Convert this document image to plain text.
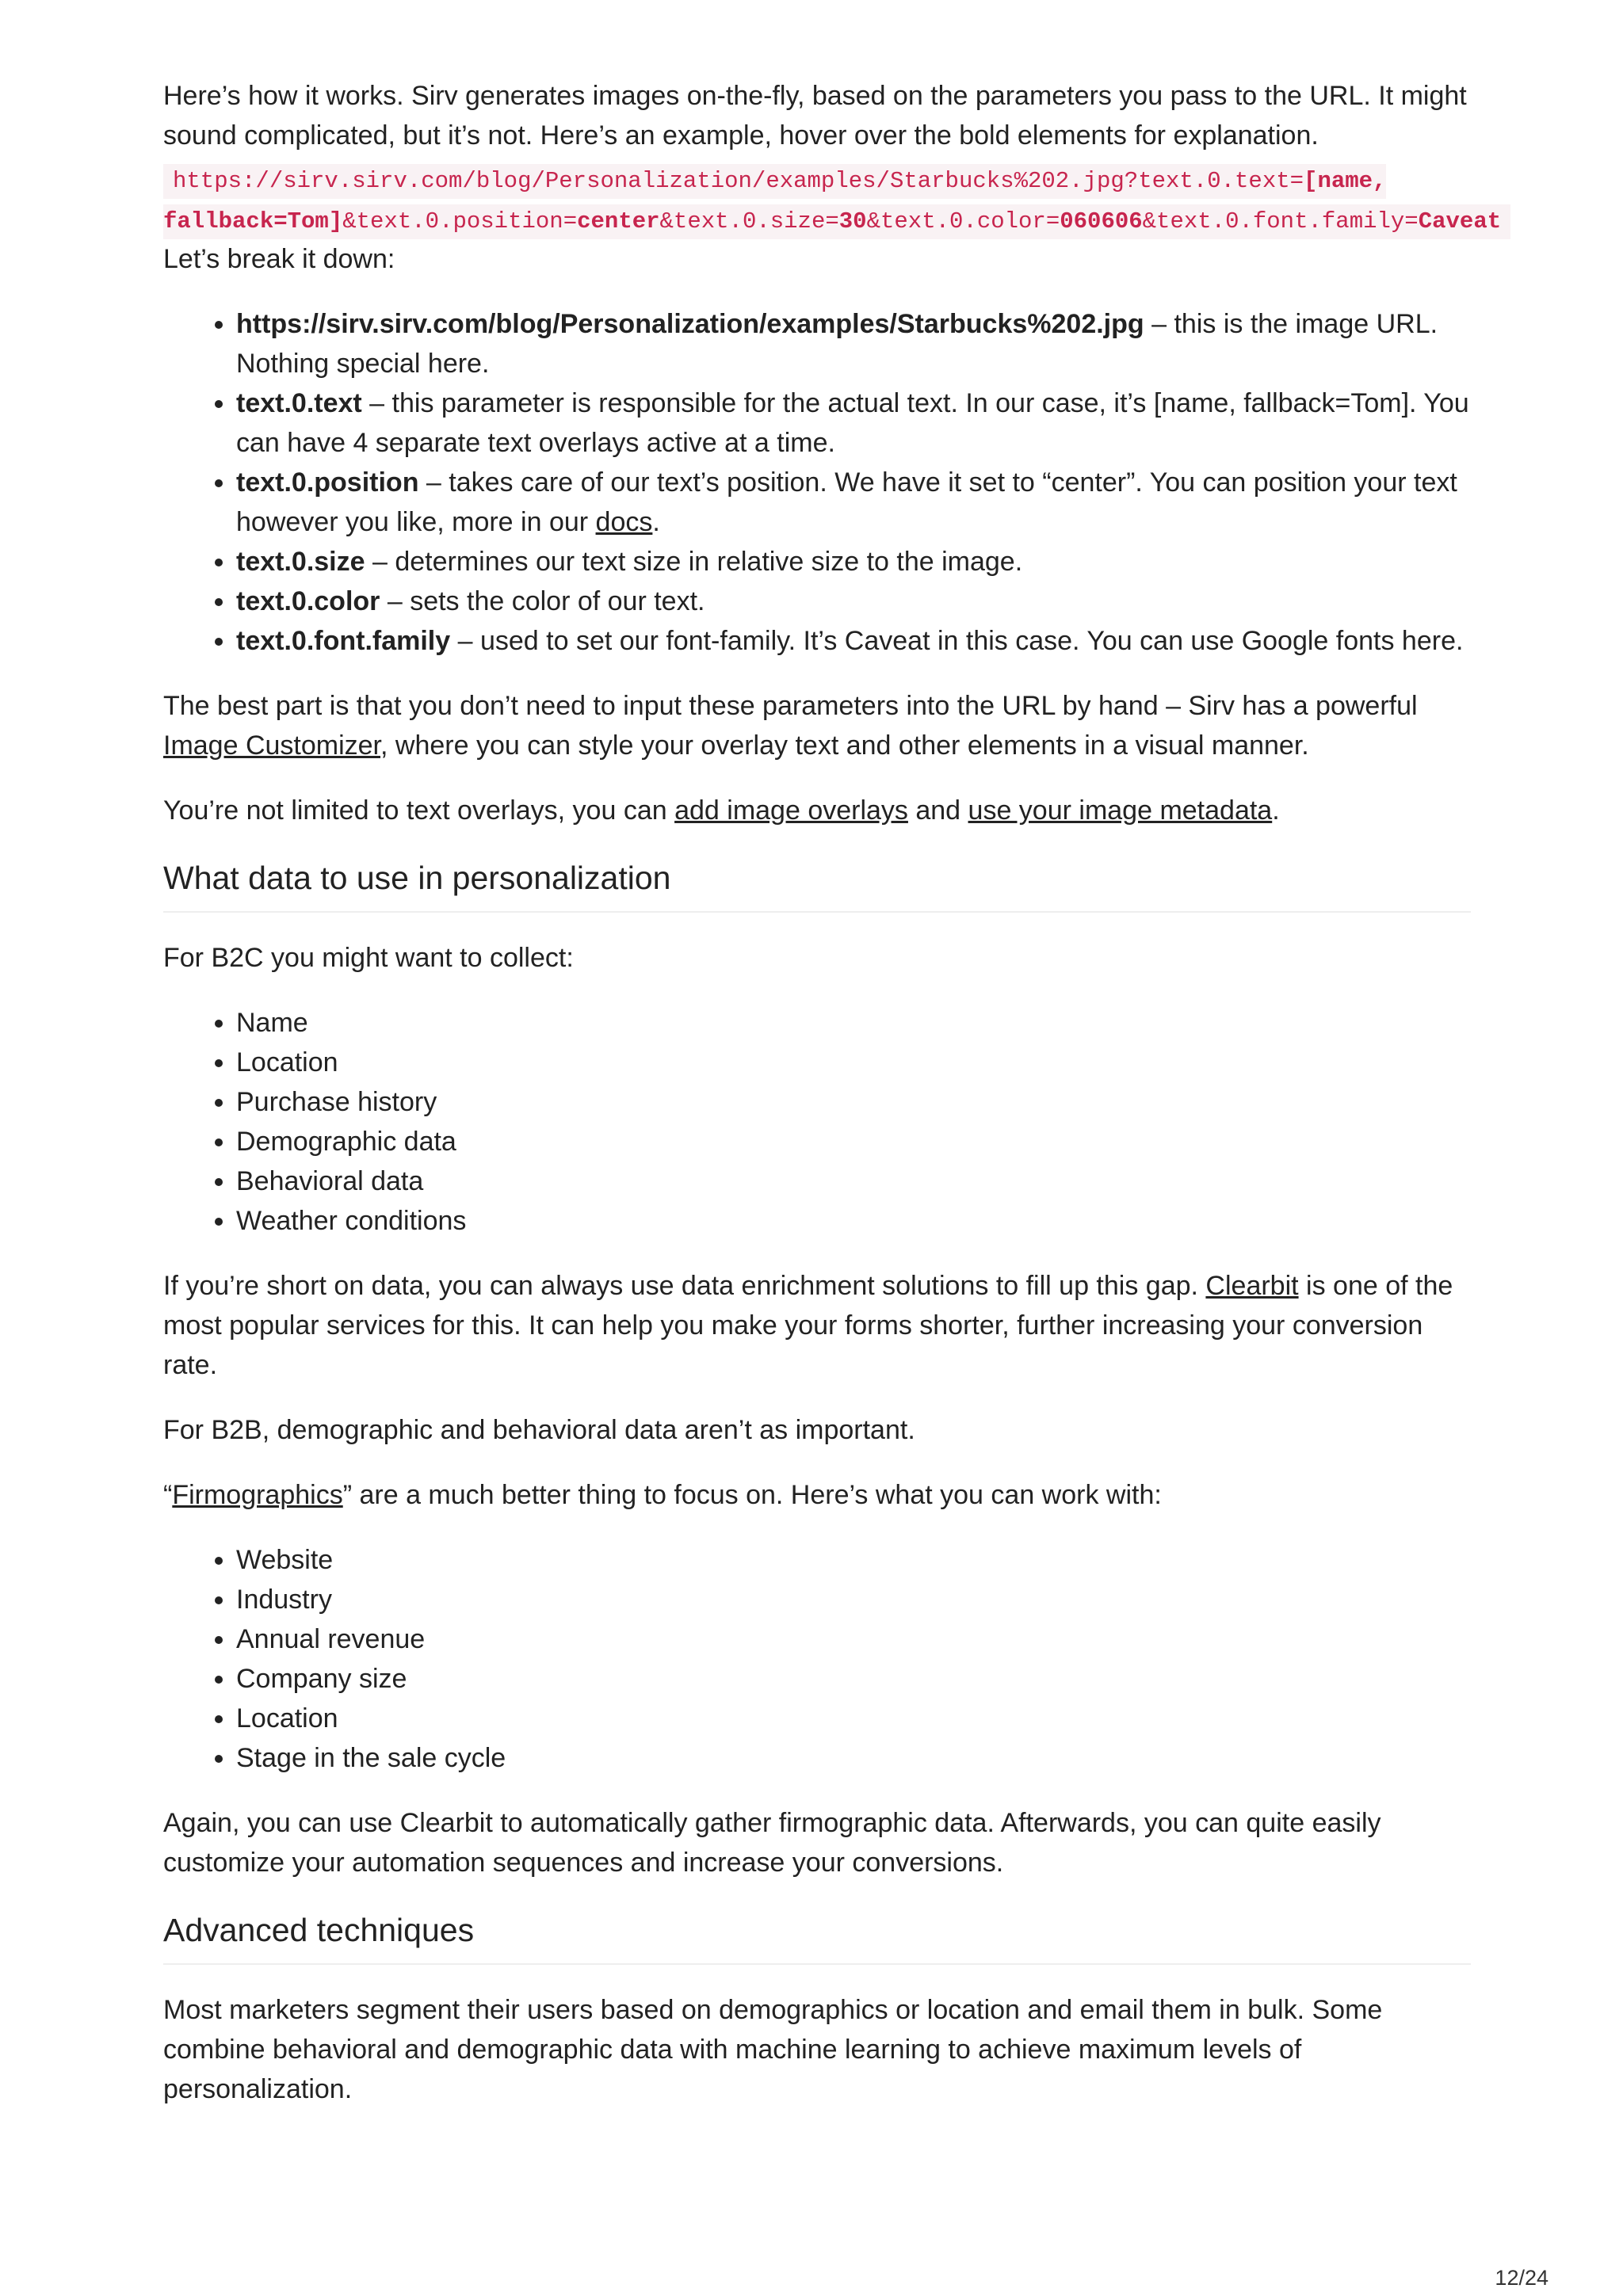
Here’s how it works. Sirv generates images on-the-fly, based on the parameters you pass to the URL. It might sound complicated, but it’s not. Here’s an example, hover over the bold elements for explanation.

https://sirv.sirv.com/blog/Personalization/examples/Starbucks%202.jpg?text.0.text=[name,
fallback=Tom]&text.0.position=center&text.0.size=30&text.0.color=060606&text.0.font.family=Caveat

Let’s break it down:

• https://sirv.sirv.com/blog/Personalization/examples/Starbucks%202.jpg – this is the image URL. Nothing special here.
• text.0.text – this parameter is responsible for the actual text. In our case, it’s [name, fallback=Tom]. You can have 4 separate text overlays active at a time.
• text.0.position – takes care of our text’s position. We have it set to “center”. You can position your text however you like, more in our docs.
• text.0.size – determines our text size in relative size to the image.
• text.0.color – sets the color of our text.
• text.0.font.family – used to set our font-family. It’s Caveat in this case. You can use Google fonts here.

The best part is that you don’t need to input these parameters into the URL by hand – Sirv has a powerful Image Customizer, where you can style your overlay text and other elements in a visual manner.

You’re not limited to text overlays, you can add image overlays and use your image metadata.

What data to use in personalization

For B2C you might want to collect:

• Name
• Location
• Purchase history
• Demographic data
• Behavioral data
• Weather conditions

If you’re short on data, you can always use data enrichment solutions to fill up this gap. Clearbit is one of the most popular services for this. It can help you make your forms shorter, further increasing your conversion rate.

For B2B, demographic and behavioral data aren’t as important.

“Firmographics” are a much better thing to focus on. Here’s what you can work with:

• Website
• Industry
• Annual revenue
• Company size
• Location
• Stage in the sale cycle

Again, you can use Clearbit to automatically gather firmographic data. Afterwards, you can quite easily customize your automation sequences and increase your conversions.

Advanced techniques

Most marketers segment their users based on demographics or location and email them in bulk. Some combine behavioral and demographic data with machine learning to achieve maximum levels of personalization.

12/24
